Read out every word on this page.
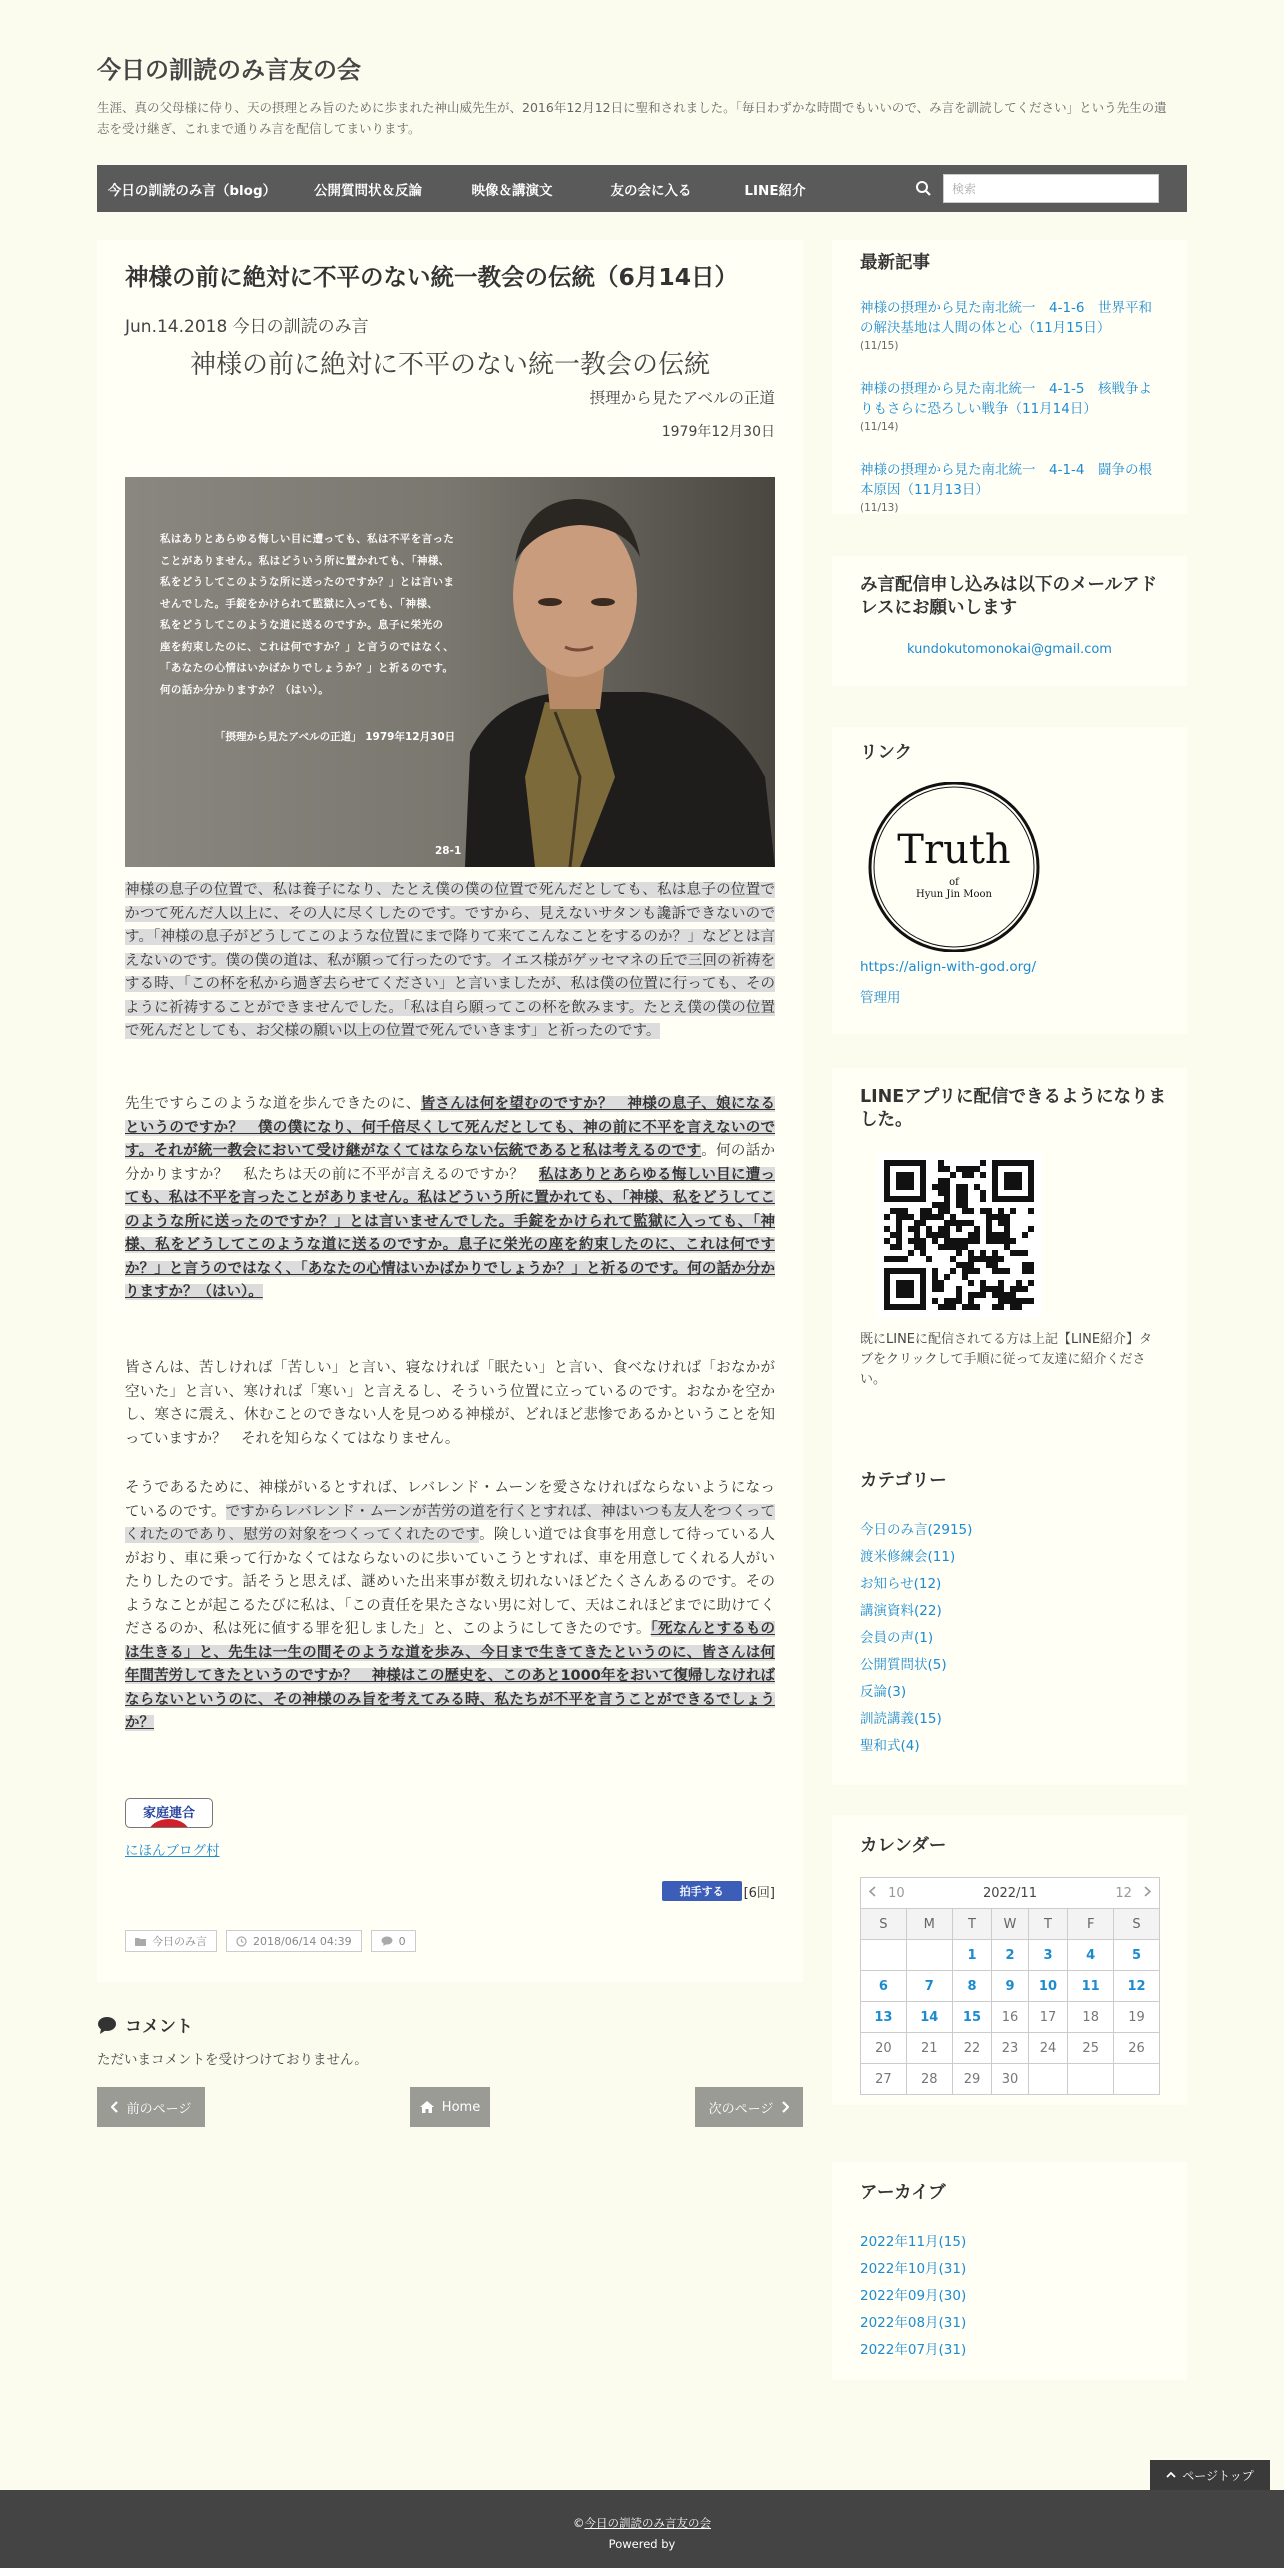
今日の訓読のみ言友の会
生涯、真の父母様に侍り、天の摂理とみ旨のために歩まれた神山威先生が、2016年12月12日に聖和されました。「毎日わずかな時間でもいいので、み言を訓読してください」という先生の遺志を受け継ぎ、これまで通りみ言を配信してまいります。
今日の訓読のみ言（blog）	公開質問状＆反論	映像＆講演文	友の会に入る	LINE紹介
検索
神様の前に絶対に不平のない統一教会の伝統（6月14日）
Jun.14.2018 今日の訓読のみ言
神様の前に絶対に不平のない統一教会の伝統
摂理から見たアベルの正道
1979年12月30日
私はありとあらゆる悔しい目に遭っても、私は不平を言った
ことがありません。私はどういう所に置かれても、「神様、
私をどうしてこのような所に送ったのですか？」とは言いま
せんでした。手錠をかけられて監獄に入っても、「神様、
私をどうしてこのような道に送るのですか。息子に栄光の
座を約束したのに、これは何ですか？」と言うのではなく、
「あなたの心情はいかばかりでしょうか？」と祈るのです。
何の話か分かりますか？（はい）。
「摂理から見たアベルの正道」 1979年12月30日
28-1
神様の息子の位置で、私は養子になり、たとえ僕の僕の位置で死んだとしても、私は息子の位置でかつて死んだ人以上に、その人に尽くしたのです。ですから、見えないサタンも讒訴できないのです。「神様の息子がどうしてこのような位置にまで降りて来てこんなことをするのか？」などとは言えないのです。僕の僕の道は、私が願って行ったのです。イエス様がゲッセマネの丘で三回の祈祷をする時、「この杯を私から過ぎ去らせてください」と言いましたが、私は僕の位置に行っても、そのように祈祷することができませんでした。「私は自ら願ってこの杯を飲みます。たとえ僕の僕の位置で死んだとしても、お父様の願い以上の位置で死んでいきます」と祈ったのです。
先生ですらこのような道を歩んできたのに、皆さんは何を望むのですか？　神様の息子、娘になるというのですか？　僕の僕になり、何千倍尽くして死んだとしても、神の前に不平を言えないのです。それが統一教会において受け継がなくてはならない伝統であると私は考えるのです。何の話か分かりますか？　私たちは天の前に不平が言えるのですか？　私はありとあらゆる悔しい目に遭っても、私は不平を言ったことがありません。私はどういう所に置かれても、「神様、私をどうしてこのような所に送ったのですか？」とは言いませんでした。手錠をかけられて監獄に入っても、「神様、私をどうしてこのような道に送るのですか。息子に栄光の座を約束したのに、これは何ですか？」と言うのではなく、「あなたの心情はいかばかりでしょうか？」と祈るのです。何の話か分かりますか？（はい）。
皆さんは、苦しければ「苦しい」と言い、寝なければ「眠たい」と言い、食べなければ「おなかが空いた」と言い、寒ければ「寒い」と言えるし、そういう位置に立っているのです。おなかを空かし、寒さに震え、休むことのできない人を見つめる神様が、どれほど悲惨であるかということを知っていますか？　それを知らなくてはなりません。
そうであるために、神様がいるとすれば、レバレンド・ムーンを愛さなければならないようになっているのです。ですからレバレンド・ムーンが苦労の道を行くとすれば、神はいつも友人をつくってくれたのであり、慰労の対象をつくってくれたのです。険しい道では食事を用意して待っている人がおり、車に乗って行かなくてはならないのに歩いていこうとすれば、車を用意してくれる人がいたりしたのです。話そうと思えば、謎めいた出来事が数え切れないほどたくさんあるのです。そのようなことが起こるたびに私は、「この責任を果たさない男に対して、天はこれほどまでに助けてくださるのか、私は死に値する罪を犯しました」と、このようにしてきたのです。「死なんとするものは生きる」と、先生は一生の間そのような道を歩み、今日まで生きてきたというのに、皆さんは何年間苦労してきたというのですか？　神様はこの歴史を、このあと1000年をおいて復帰しなければならないというのに、その神様のみ旨を考えてみる時、私たちが不平を言うことができるでしょうか？
家庭連合
にほんブログ村
拍手する	[6回]
今日のみ言	2018/06/14 04:39	0
コメント
ただいまコメントを受けつけておりません。
前のページ	Home	次のページ
最新記事
神様の摂理から見た南北統一　4-1-6　世界平和の解決基地は人間の体と心（11月15日）
(11/15)
神様の摂理から見た南北統一　4-1-5　核戦争よりもさらに恐ろしい戦争（11月14日）
(11/14)
神様の摂理から見た南北統一　4-1-4　闘争の根本原因（11月13日）
(11/13)
み言配信申し込みは以下のメールアドレスにお願いします
kundokutomonokai@gmail.com
リンク
Truth
of
Hyun Jin Moon
https://align-with-god.org/
管理用
LINEアプリに配信できるようになりました。
既にLINEに配信されてる方は上記【LINE紹介】タブをクリックして手順に従って友達に紹介ください。
カテゴリー
今日のみ言(2915)
渡米修練会(11)
お知らせ(12)
講演資料(22)
会員の声(1)
公開質問状(5)
反論(3)
訓読講義(15)
聖和式(4)
カレンダー
10		2022/11			12	
S	M	T	W	T	F	S
		1	2	3	4	5
6	7	8	9	10	11	12
13	14	15	16	17	18	19
20	21	22	23	24	25	26
27	28	29	30			
アーカイブ
2022年11月(15)
2022年10月(31)
2022年09月(30)
2022年08月(31)
2022年07月(31)
ページトップ
©今日の訓読のみ言友の会
Powered by
